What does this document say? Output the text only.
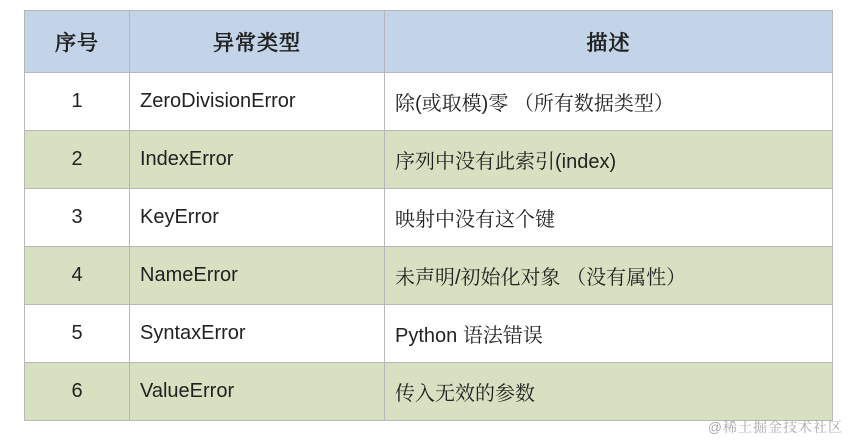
序号	异常类型	描述
1	ZeroDivisionError	除(或取模)零 （所有数据类型）
2	IndexError	序列中没有此索引(index)
3	KeyError	映射中没有这个键
4	NameError	未声明/初始化对象 （没有属性）
5	SyntaxError	Python 语法错误
6	ValueError	传入无效的参数
@稀土掘金技术社区
